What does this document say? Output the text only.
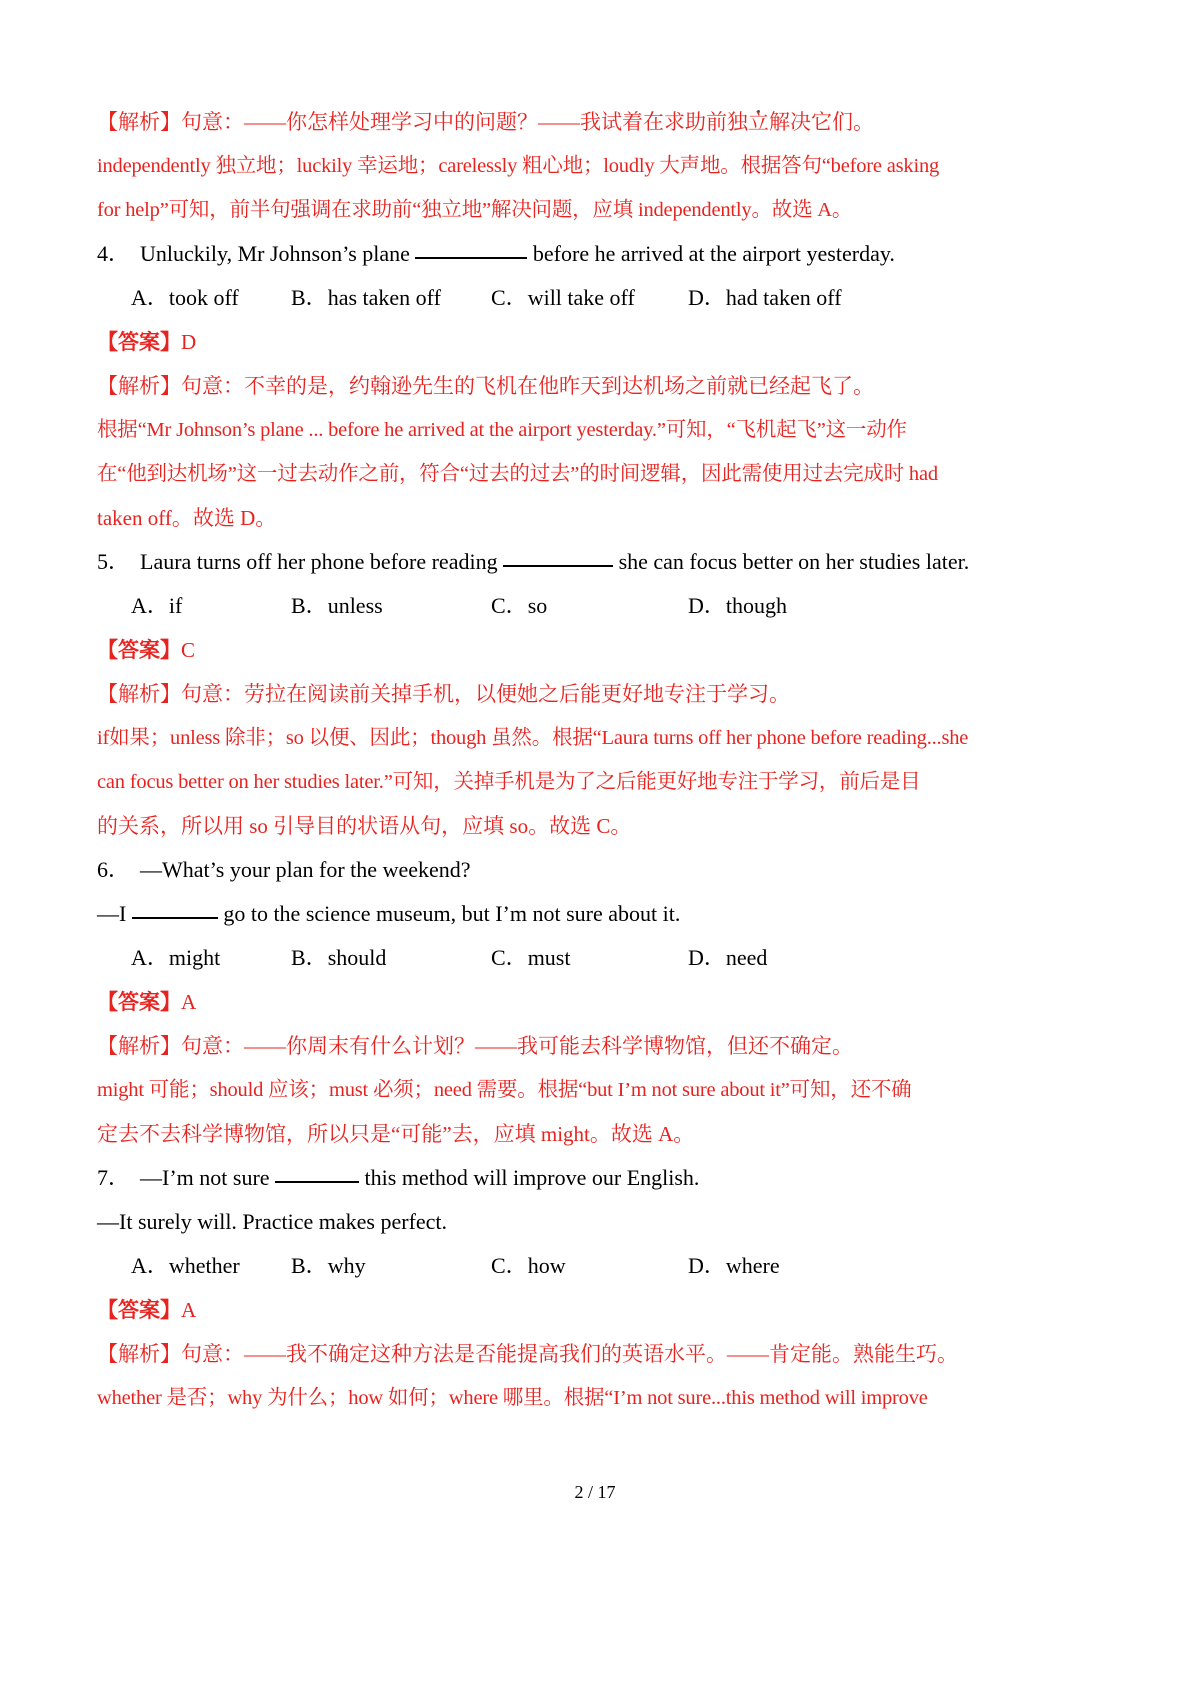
【解析】句意：——你怎样处理学习中的问题？——我试着在求助前独立解决它们。
independently 独立地；luckily 幸运地；carelessly 粗心地；loudly 大声地。根据答句“before asking
for help”可知，前半句强调在求助前“独立地”解决问题，应填 independently。故选 A。
4． Unluckily, Mr Johnson’s plane	before he arrived at the airport yesterday.
A．took off B．has taken off C．will take off D．had taken off
【答案】D
【解析】句意：不幸的是，约翰逊先生的飞机在他昨天到达机场之前就已经起飞了。
根据“Mr Johnson’s plane ... before he arrived at the airport yesterday.”可知，“飞机起飞”这一动作
在“他到达机场”这一过去动作之前，符合“过去的过去”的时间逻辑，因此需使用过去完成时 had
taken off。故选 D。
5． Laura turns off her phone before reading	she can focus better on her studies later.
A．if	B．unless	C．so	D．though
【答案】C
【解析】句意：劳拉在阅读前关掉手机，以便她之后能更好地专注于学习。
if如果；unless 除非；so 以便、因此；though 虽然。根据“Laura turns off her phone before reading...she
can focus better on her studies later.”可知，关掉手机是为了之后能更好地专注于学习，前后是目
的关系，所以用 so 引导目的状语从句，应填 so。故选 C。
6． —What’s your plan for the weekend?
—I	go to the science museum, but I’m not sure about it.
A．might	B．should	C．must	D．need
【答案】A
【解析】句意：——你周末有什么计划？——我可能去科学博物馆，但还不确定。
might 可能；should 应该；must 必须；need 需要。根据“but I’m not sure about it”可知，还不确
定去不去科学博物馆，所以只是“可能”去，应填 might。故选 A。
7． —I’m not sure	this method will improve our English.
—It surely will. Practice makes perfect.
A．whether B．why	C．how	D．where
【答案】A
【解析】句意：——我不确定这种方法是否能提高我们的英语水平。——肯定能。熟能生巧。
whether 是否；why 为什么；how 如何；where 哪里。根据“I’m not sure...this method will improve
2 / 17
